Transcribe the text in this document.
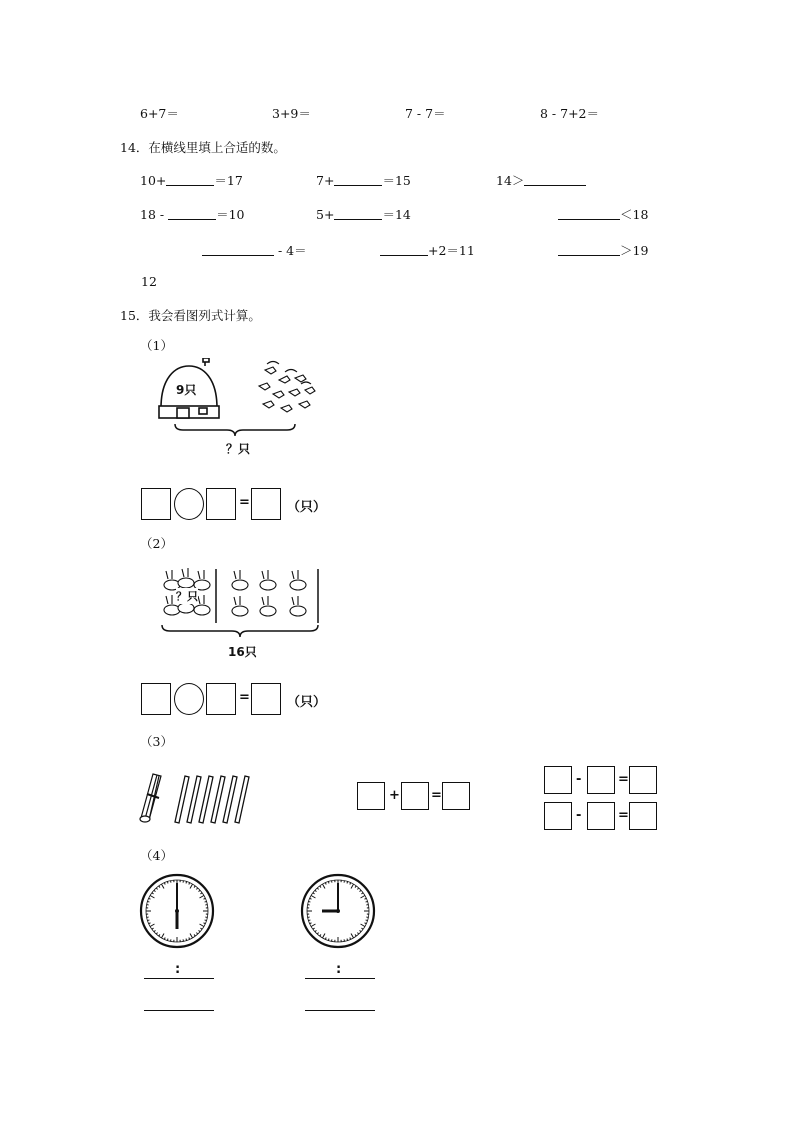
6+7＝	3+9＝	7 - 7＝	8 - 7+2＝
14．在横线里填上合适的数。
10+	＝17	7+	＝15	14＞
18 -	＝10	5+	＝14	＜18
- 4＝	+2＝11	＞19
12
15．我会看图列式计算。
（1）
9只
？只
=	（只）
（2）
？只
16只
=	（只）
（3）
+ =
-	=
-	=
（4）
:	:
